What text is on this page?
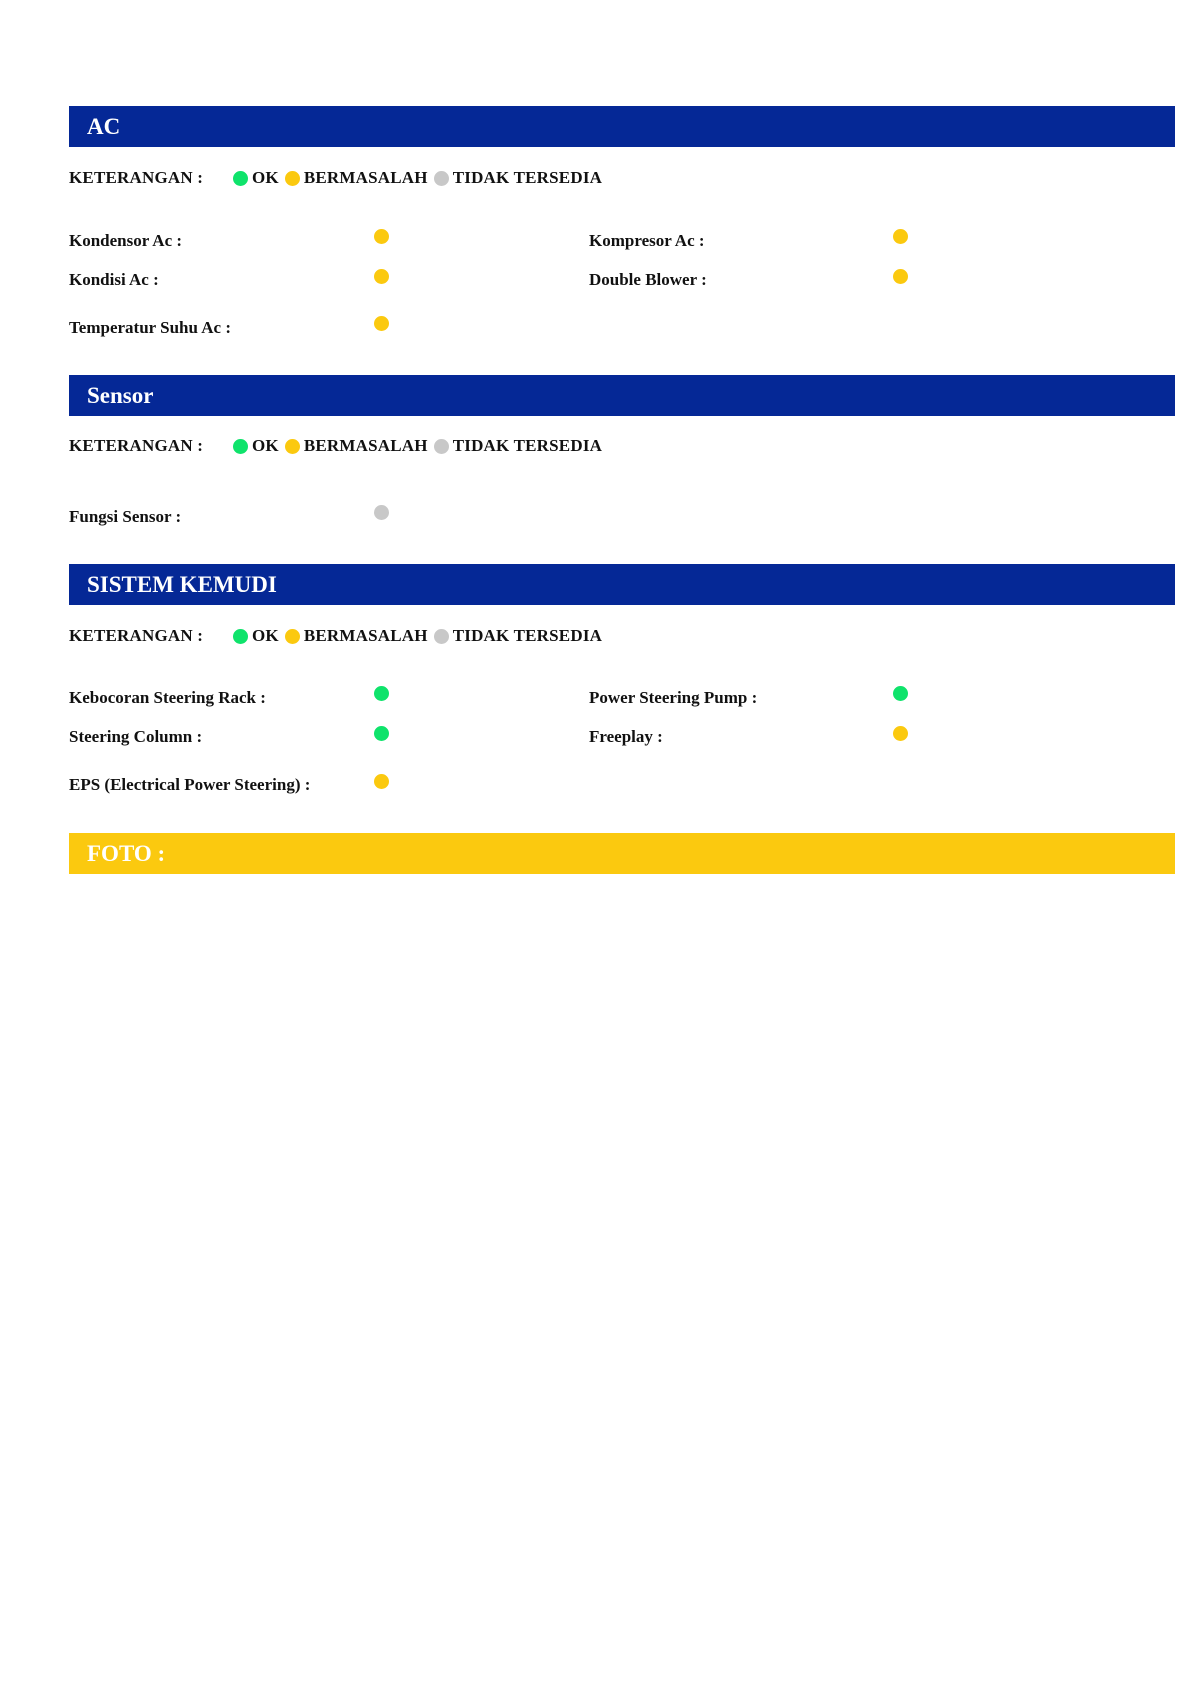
AC
KETERANGAN :	OK BERMASALAH TIDAK TERSEDIA
Kondensor Ac :	Kompresor Ac :
Kondisi Ac :	Double Blower :
Temperatur Suhu Ac :
Sensor
KETERANGAN :	OK BERMASALAH TIDAK TERSEDIA
Fungsi Sensor :
SISTEM KEMUDI
KETERANGAN :	OK BERMASALAH TIDAK TERSEDIA
Kebocoran Steering Rack :	Power Steering Pump :
Steering Column :	Freeplay :
EPS (Electrical Power Steering) :
FOTO :
